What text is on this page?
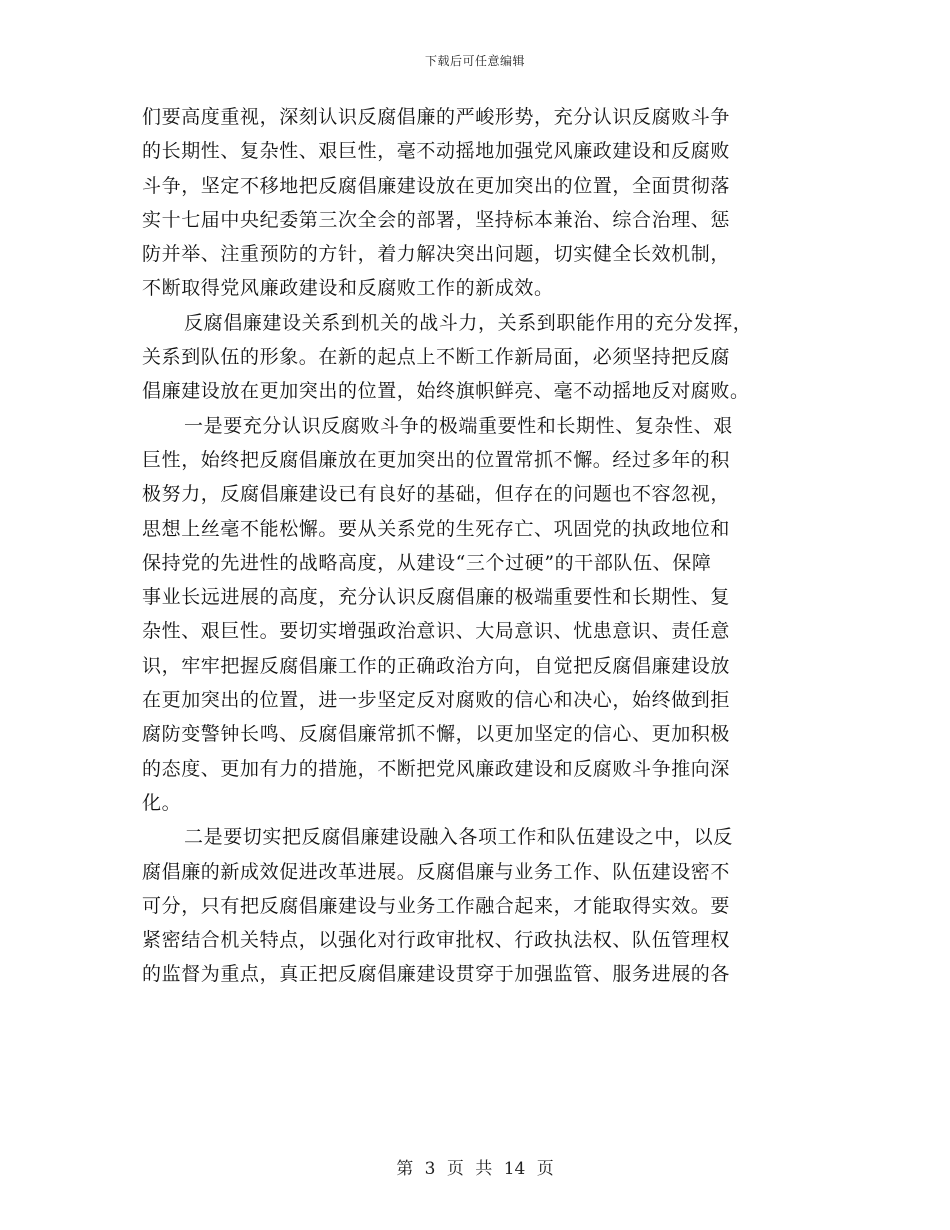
下载后可任意编辑
们要高度重视，深刻认识反腐倡廉的严峻形势，充分认识反腐败斗争
的长期性、复杂性、艰巨性，毫不动摇地加强党风廉政建设和反腐败
斗争，坚定不移地把反腐倡廉建设放在更加突出的位置，全面贯彻落
实十七届中央纪委第三次全会的部署，坚持标本兼治、综合治理、惩
防并举、注重预防的方针，着力解决突出问题，切实健全长效机制，
不断取得党风廉政建设和反腐败工作的新成效。
反腐倡廉建设关系到机关的战斗力，关系到职能作用的充分发挥，
关系到队伍的形象。在新的起点上不断工作新局面，必须坚持把反腐
倡廉建设放在更加突出的位置，始终旗帜鲜亮、毫不动摇地反对腐败。
一是要充分认识反腐败斗争的极端重要性和长期性、复杂性、艰
巨性，始终把反腐倡廉放在更加突出的位置常抓不懈。经过多年的积
极努力，反腐倡廉建设已有良好的基础，但存在的问题也不容忽视，
思想上丝毫不能松懈。要从关系党的生死存亡、巩固党的执政地位和
保持党的先进性的战略高度，从建设“三个过硬”的干部队伍、保障
事业长远进展的高度，充分认识反腐倡廉的极端重要性和长期性、复
杂性、艰巨性。要切实增强政治意识、大局意识、忧患意识、责任意
识，牢牢把握反腐倡廉工作的正确政治方向，自觉把反腐倡廉建设放
在更加突出的位置，进一步坚定反对腐败的信心和决心，始终做到拒
腐防变警钟长鸣、反腐倡廉常抓不懈，以更加坚定的信心、更加积极
的态度、更加有力的措施，不断把党风廉政建设和反腐败斗争推向深
化。
二是要切实把反腐倡廉建设融入各项工作和队伍建设之中，以反
腐倡廉的新成效促进改革进展。反腐倡廉与业务工作、队伍建设密不
可分，只有把反腐倡廉建设与业务工作融合起来，才能取得实效。要
紧密结合机关特点，以强化对行政审批权、行政执法权、队伍管理权
的监督为重点，真正把反腐倡廉建设贯穿于加强监管、服务进展的各
第 3 页 共 14 页
